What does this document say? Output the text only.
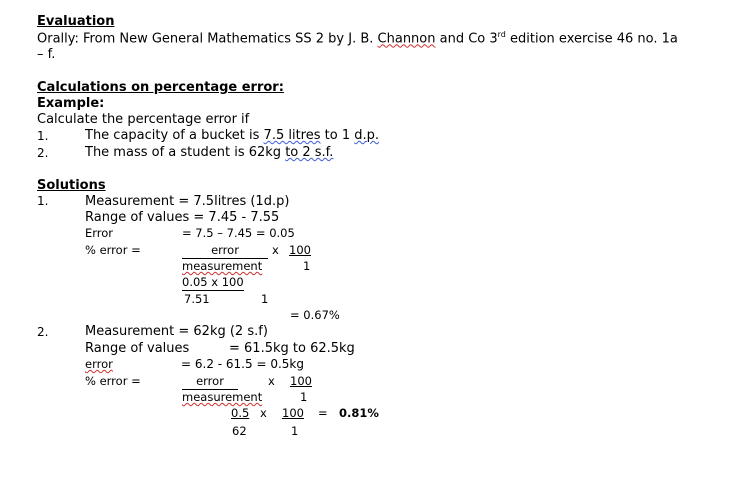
Evaluation
Orally: From New General Mathematics SS 2 by J. B. Channon and Co 3rd edition exercise 46 no. 1a
– f.
Calculations on percentage error:
Example:
Calculate the percentage error if
1.	The capacity of a bucket is 7.5 litres to 1 d.p.
2.	The mass of a student is 62kg to 2 s.f.
Solutions
1.	Measurement = 7.5litres (1d.p)
Range of values = 7.45 - 7.55
Error	= 7.5 – 7.45 = 0.05
% error =	error	x 100
measurement	1
0.05 x 100
7.51	1
= 0.67%
2.	Measurement = 62kg (2 s.f)
Range of values	= 61.5kg to 62.5kg
error	= 6.2 - 61.5 = 0.5kg
% error =	error	x 100
measurement	1
0.5 x 100 = 0.81%
62	1
